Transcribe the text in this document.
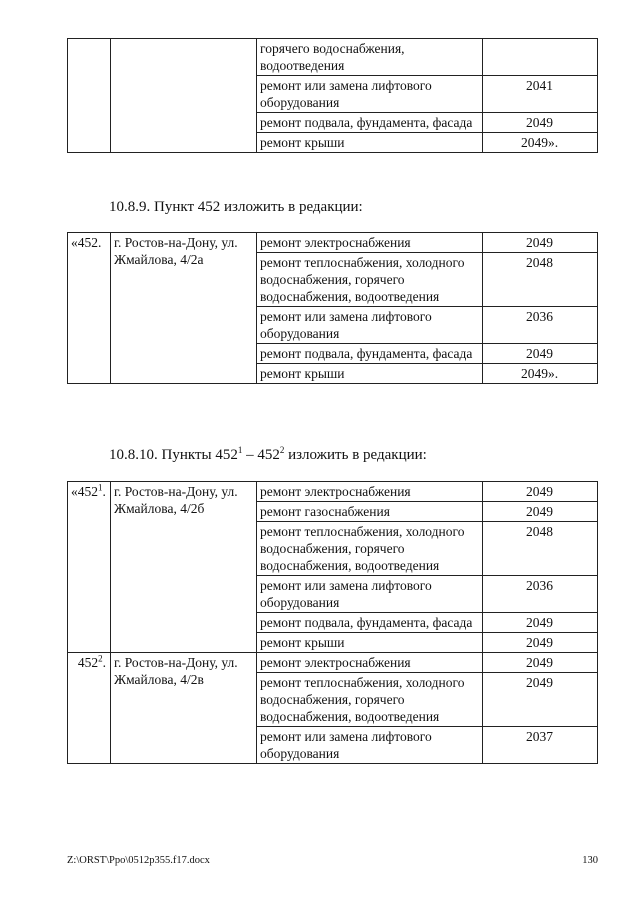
		горячего водоснабжения, водоотведения	
		ремонт или замена лифтового оборудования	2041
		ремонт подвала, фундамента, фасада	2049
		ремонт крыши	2049».
10.8.9. Пункт 452 изложить в редакции:
«452.	г. Ростов-на-Дону, ул. Жмайлова, 4/2а	ремонт электроснабжения	2049
		ремонт теплоснабжения, холодного водоснабжения, горячего водоснабжения, водоотведения	2048
		ремонт или замена лифтового оборудования	2036
		ремонт подвала, фундамента, фасада	2049
		ремонт крыши	2049».
10.8.10. Пункты $452^1 - 452^2$ изложить в редакции:
«$452^1$.	г. Ростов-на-Дону, ул. Жмайлова, 4/2б	ремонт электроснабжения	2049
		ремонт газоснабжения	2049
		ремонт теплоснабжения, холодного водоснабжения, горячего водоснабжения, водоотведения	2048
		ремонт или замена лифтового оборудования	2036
		ремонт подвала, фундамента, фасада	2049
		ремонт крыши	2049
$452^2$.	г. Ростов-на-Дону, ул. Жмайлова, 4/2в	ремонт электроснабжения	2049
		ремонт теплоснабжения, холодного водоснабжения, горячего водоснабжения, водоотведения	2049
		ремонт или замена лифтового оборудования	2037
Z:\ORST\Ppo\0512p355.f17.docx	130
